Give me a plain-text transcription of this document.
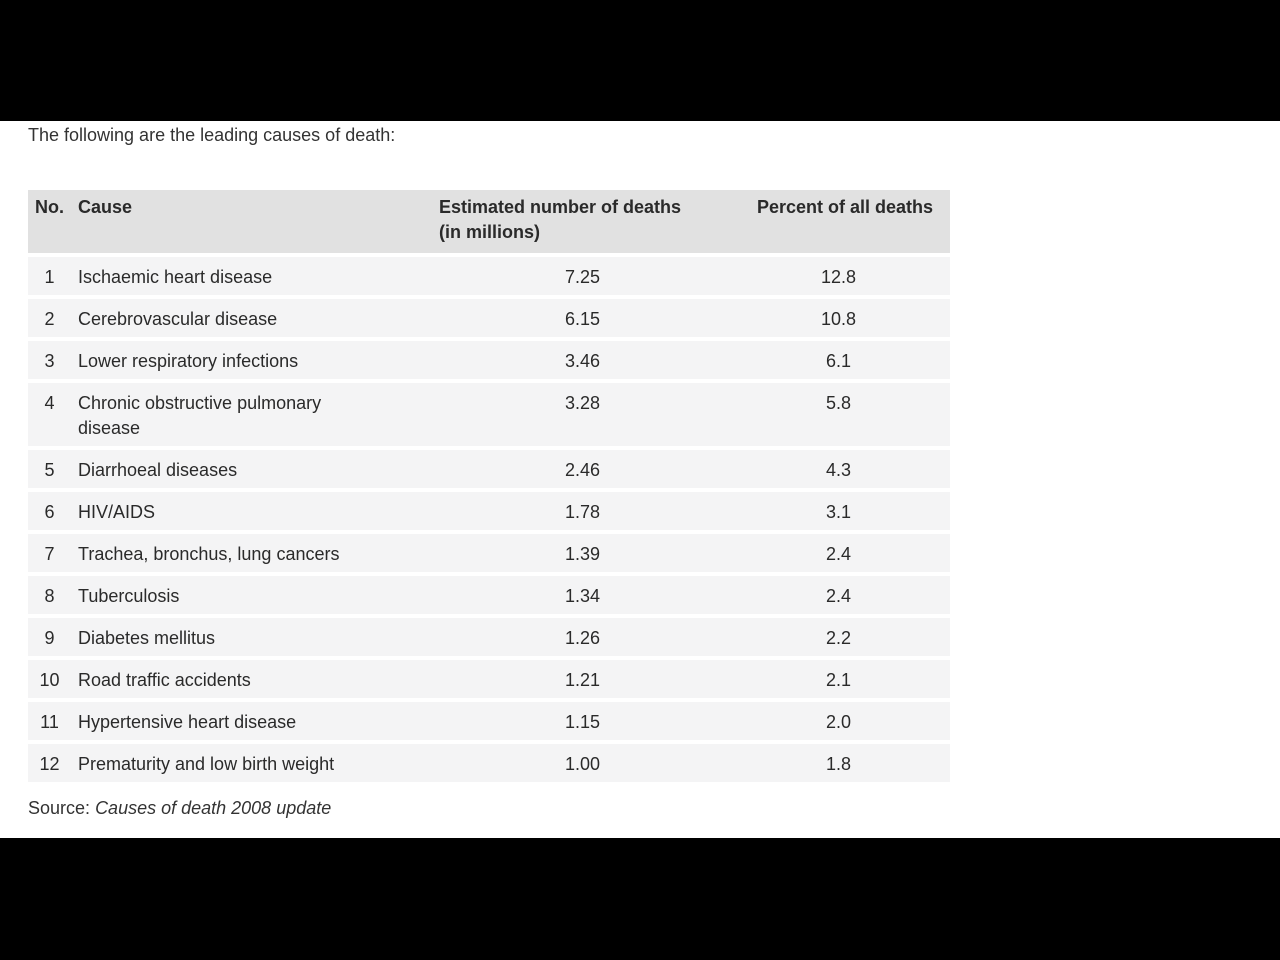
The following are the leading causes of death:

No.	Cause	Estimated number of deaths (in millions)	Percent of all deaths
1	Ischaemic heart disease	7.25	12.8
2	Cerebrovascular disease	6.15	10.8
3	Lower respiratory infections	3.46	6.1
4	Chronic obstructive pulmonary disease	3.28	5.8
5	Diarrhoeal diseases	2.46	4.3
6	HIV/AIDS	1.78	3.1
7	Trachea, bronchus, lung cancers	1.39	2.4
8	Tuberculosis	1.34	2.4
9	Diabetes mellitus	1.26	2.2
10	Road traffic accidents	1.21	2.1
11	Hypertensive heart disease	1.15	2.0
12	Prematurity and low birth weight	1.00	1.8

Source: Causes of death 2008 update
